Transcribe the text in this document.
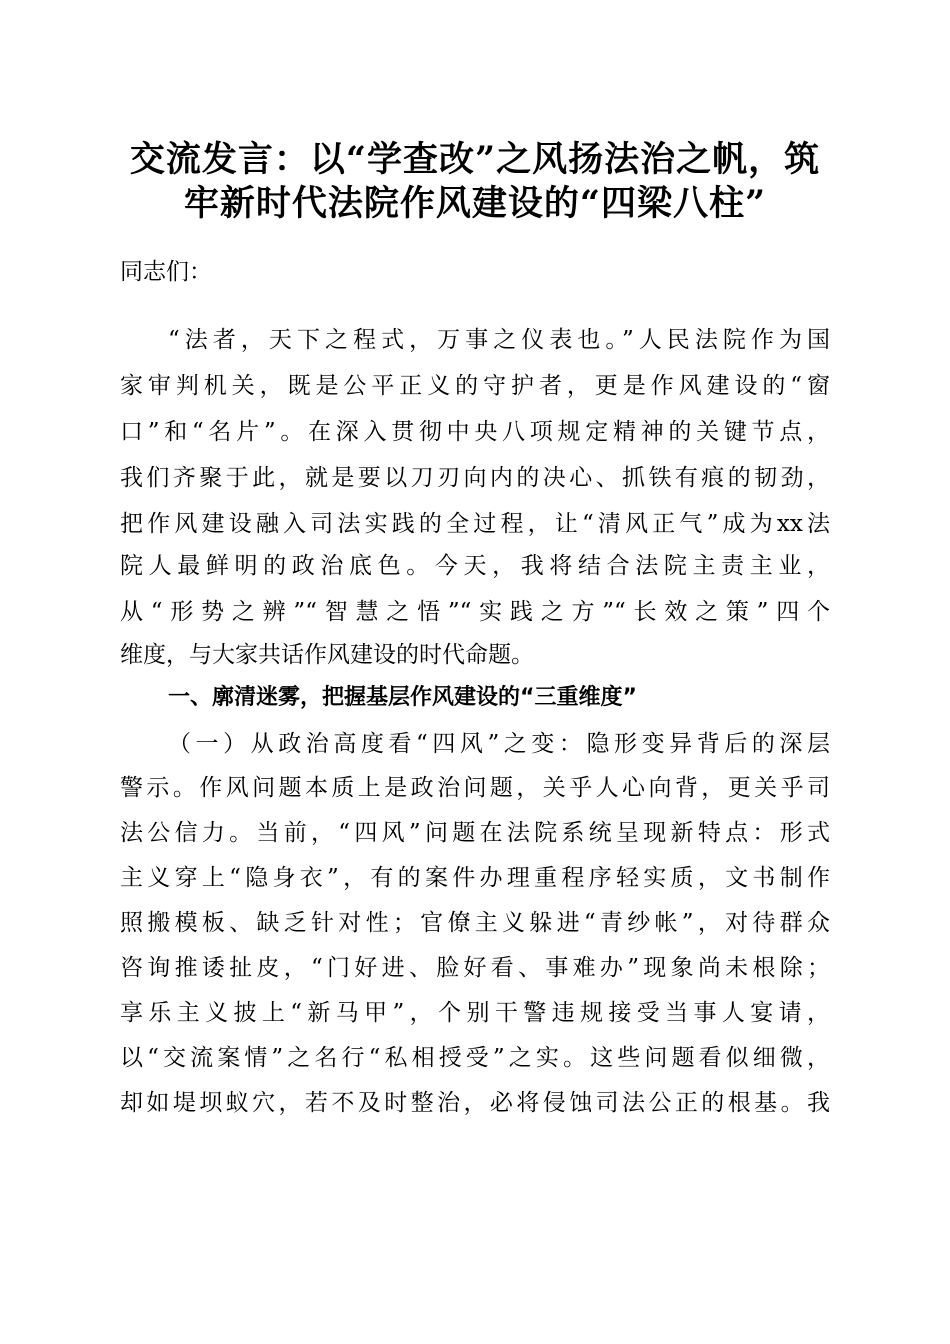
交流发言：以“学查改”之风扬法治之帆，筑
牢新时代法院作风建设的“四梁八柱”
同志们：
“法者，天下之程式，万事之仪表也。”人民法院作为国
家审判机关，既是公平正义的守护者，更是作风建设的“窗
口”和“名片”。在深入贯彻中央八项规定精神的关键节点，
我们齐聚于此，就是要以刀刃向内的决心、抓铁有痕的韧劲，
把作风建设融入司法实践的全过程，让“清风正气”成为xx法
院人最鲜明的政治底色。今天，我将结合法院主责主业，
从“形势之辨”“智慧之悟”“实践之方”“长效之策”四个
维度，与大家共话作风建设的时代命题。
一、廓清迷雾，把握基层作风建设的“三重维度”
（一）从政治高度看“四风”之变：隐形变异背后的深层
警示。作风问题本质上是政治问题，关乎人心向背，更关乎司
法公信力。当前，“四风”问题在法院系统呈现新特点：形式
主义穿上“隐身衣”，有的案件办理重程序轻实质，文书制作
照搬模板、缺乏针对性；官僚主义躲进“青纱帐”，对待群众
咨询推诿扯皮，“门好进、脸好看、事难办”现象尚未根除；
享乐主义披上“新马甲”，个别干警违规接受当事人宴请，
以“交流案情”之名行“私相授受”之实。这些问题看似细微，
却如堤坝蚁穴，若不及时整治，必将侵蚀司法公正的根基。我
